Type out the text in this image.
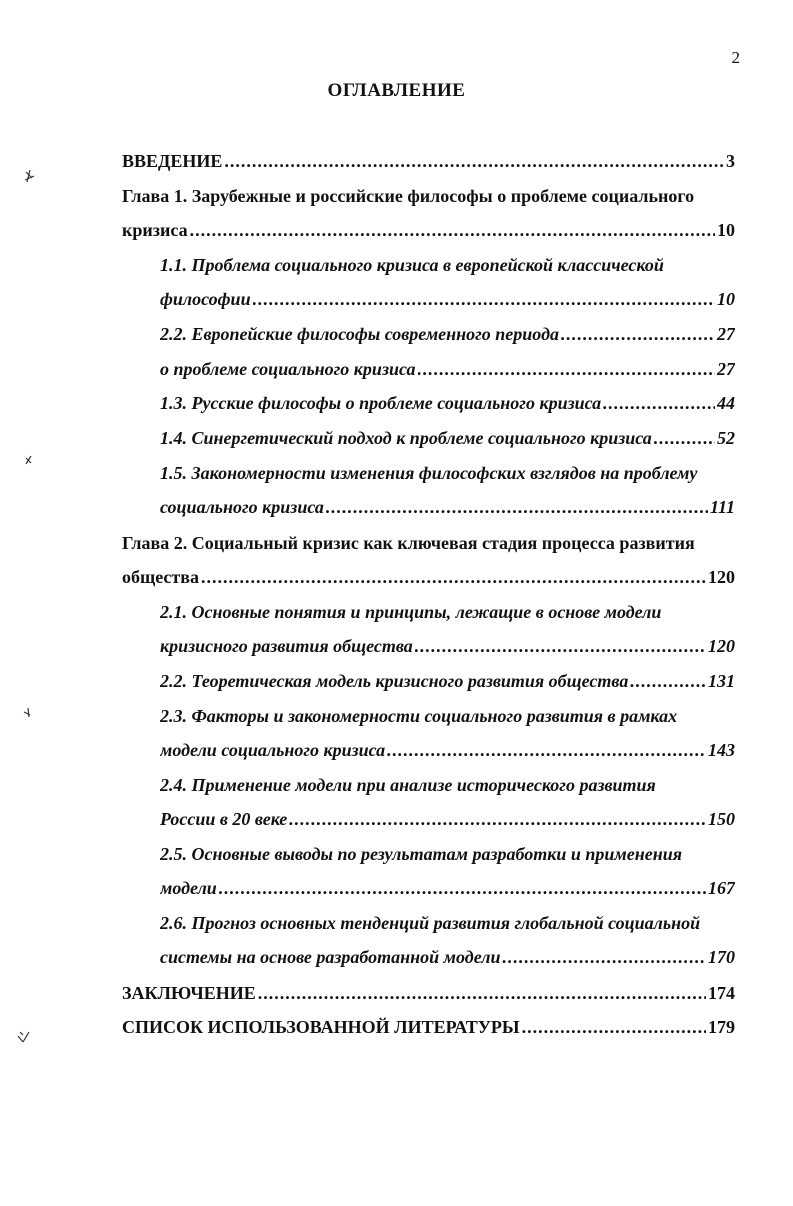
2
ОГЛАВЛЕНИЕ
ВВЕДЕНИЕ .....	3
Глава 1. Зарубежные и российские философы о проблеме социального
кризиса .....	10
1.1. Проблема социального кризиса в европейской классической
философии .....	10
2.2. Европейские философы современного периода .....	27
о проблеме социального кризиса .....	27
1.3. Русские философы о проблеме социального кризиса .....	44
1.4. Синергетический подход к проблеме социального кризиса .....	52
1.5. Закономерности изменения философских взглядов на проблему
социального кризиса .....	111
Глава 2. Социальный кризис как ключевая стадия процесса развития
общества .....	120
2.1. Основные понятия и принципы, лежащие в основе модели
кризисного развития общества .....	120
2.2. Теоретическая модель кризисного развития общества .....	131
2.3. Факторы и закономерности социального развития в рамках
модели социального кризиса .....	143
2.4. Применение модели при анализе исторического развития
России в 20 веке .....	150
2.5. Основные выводы по результатам разработки и применения
модели .....	167
2.6. Прогноз основных тенденций развития глобальной социальной
системы на основе разработанной модели .....	170
ЗАКЛЮЧЕНИЕ .....	174
СПИСОК ИСПОЛЬЗОВАННОЙ ЛИТЕРАТУРЫ .....	179
